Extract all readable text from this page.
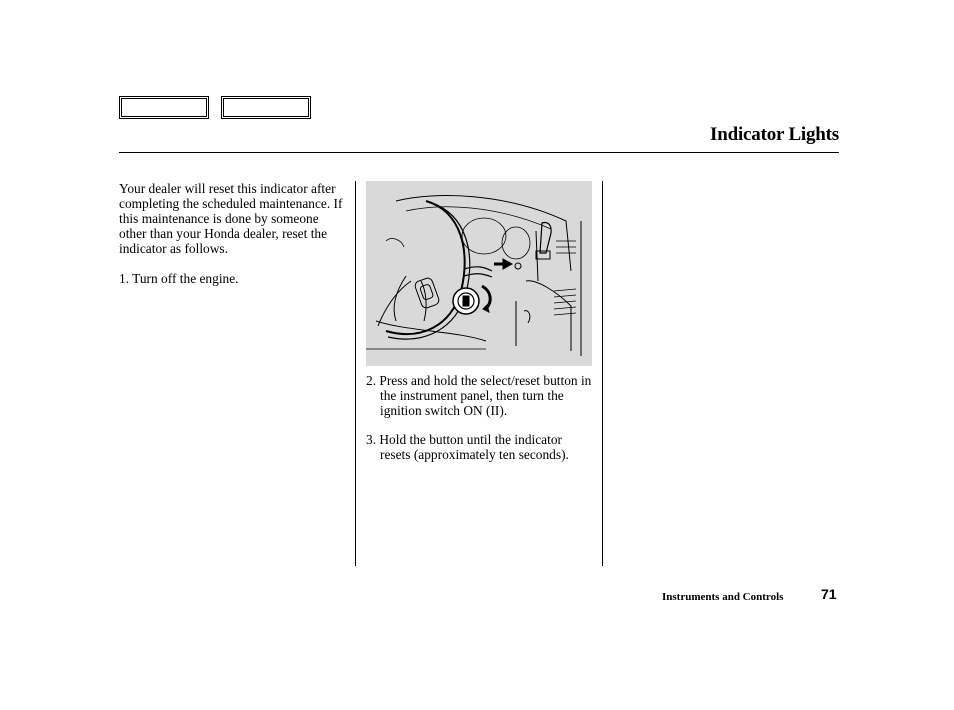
Indicator Lights

Your dealer will reset this indicator after completing the scheduled maintenance. If this maintenance is done by someone other than your Honda dealer, reset the indicator as follows.

1. Turn off the engine.

2. Press and hold the select/reset button in the instrument panel, then turn the ignition switch ON (II).

3. Hold the button until the indicator resets (approximately ten seconds).

Instruments and Controls	71
